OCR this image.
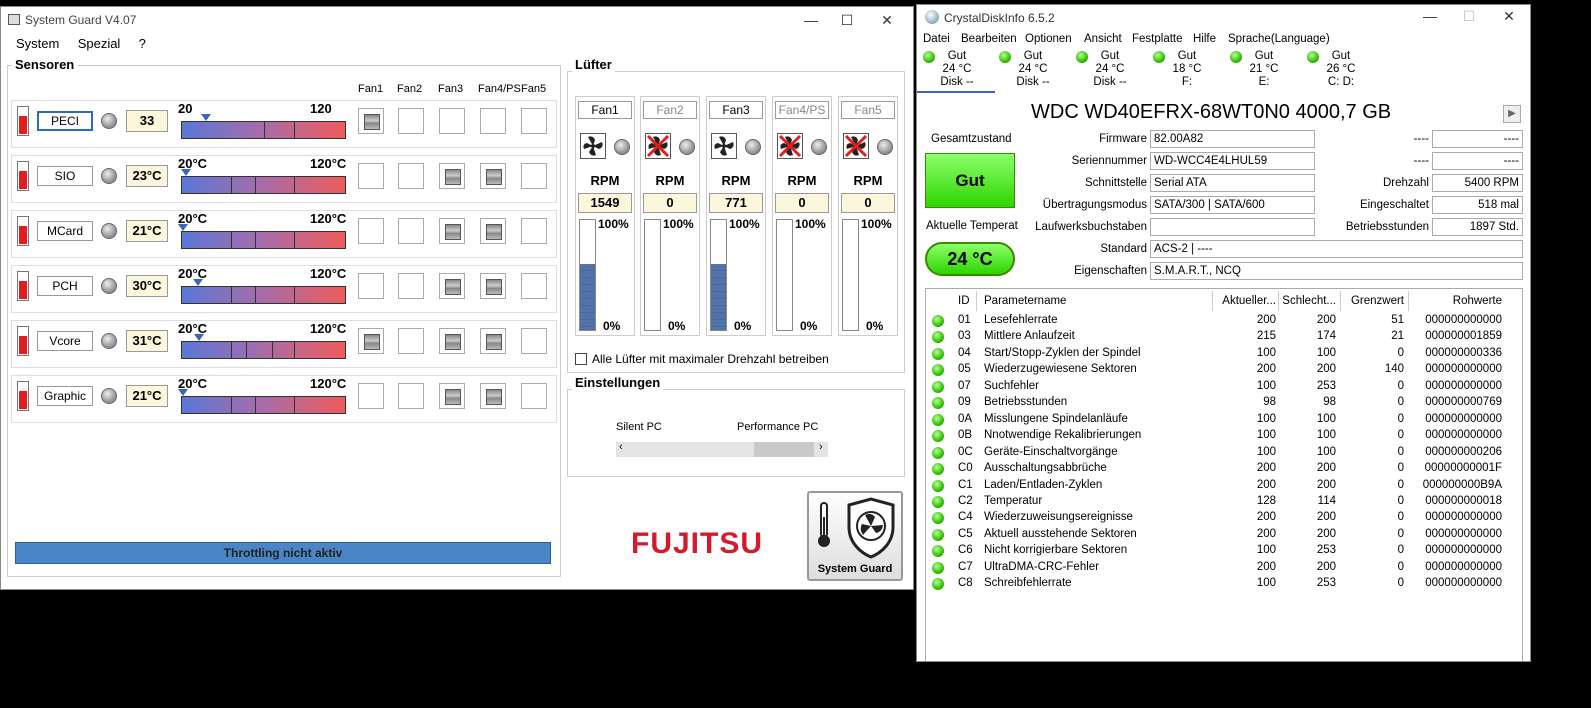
System Guard V4.07	—	☐	✕
System Spezial ?
Sensoren
Fan1 Fan2 Fan3 Fan4/PS Fan5
PECI	33
20	120
SIO	23°C
20°C	120°C
MCard	21°C
20°C	120°C
PCH	30°C
20°C	120°C
Vcore	31°C
20°C	120°C
Graphic	21°C
20°C	120°C
Lüfter
Fan1
RPM
1549
100%
0%
Fan2
RPM
0
100%
0%
Fan3
RPM
771
100%
0%
Fan4/PS
RPM
0
100%
0%
Fan5
RPM
0
100%
0%
Alle Lüfter mit maximaler Drehzahl betreiben
Einstellungen
Silent PC	Performance PC
‹	›
Throttling nicht aktiv	FUJITSU
System Guard
CrystalDiskInfo 6.5.2	—	☐	✕
Datei Bearbeiten Optionen Ansicht Festplatte Hilfe Sprache(Language)
WDC WD40EFRX-68WT0N0 4000,7 GB	▶
Gesamtzustand
Gut
Aktuelle Temperat
24 °C
Firmware 82.00A82
Seriennummer WD-WCC4E4LHUL59
Schnittstelle Serial ATA
Übertragungsmodus SATA/300 | SATA/600
Laufwerksbuchstaben
Standard ACS-2 | ----
Eigenschaften S.M.A.R.T., NCQ
----	----
----	----
Drehzahl	5400 RPM
Eingeschaltet	518 mal
Betriebsstunden	1897 Std.
ID Parametername	Aktueller... Schlecht...	Grenzwert	Rohwerte
01 Lesefehlerrate	200	200	51	000000000000
03 Mittlere Anlaufzeit	215	174	21	000000001859
04 Start/Stopp-Zyklen der Spindel	100	100	0	000000000336
05 Wiederzugewiesene Sektoren	200	200	140	000000000000
07 Suchfehler	100	253	0	000000000000
09 Betriebsstunden	98	98	0	000000000769
0A Misslungene Spindelanläufe	100	100	0	000000000000
0B Nnotwendige Rekalibrierungen	100	100	0	000000000000
0C Geräte-Einschaltvorgänge	100	100	0	000000000206
C0 Ausschaltungsabbrüche	200	200	0	00000000001F
C1 Laden/Entladen-Zyklen	200	200	0	000000000B9A
C2 Temperatur	128	114	0	000000000018
C4 Wiederzuweisungsereignisse	200	200	0	000000000000
C5 Aktuell ausstehende Sektoren	200	200	0	000000000000
C6 Nicht korrigierbare Sektoren	100	253	0	000000000000
C7 UltraDMA-CRC-Fehler	200	200	0	000000000000
C8 Schreibfehlerrate	100	253	0	000000000000
Gut
24 °C
Disk --
Gut
24 °C
Disk --
Gut
24 °C
Disk --
Gut
18 °C
F:
Gut
21 °C
E:
Gut
26 °C
C: D:
